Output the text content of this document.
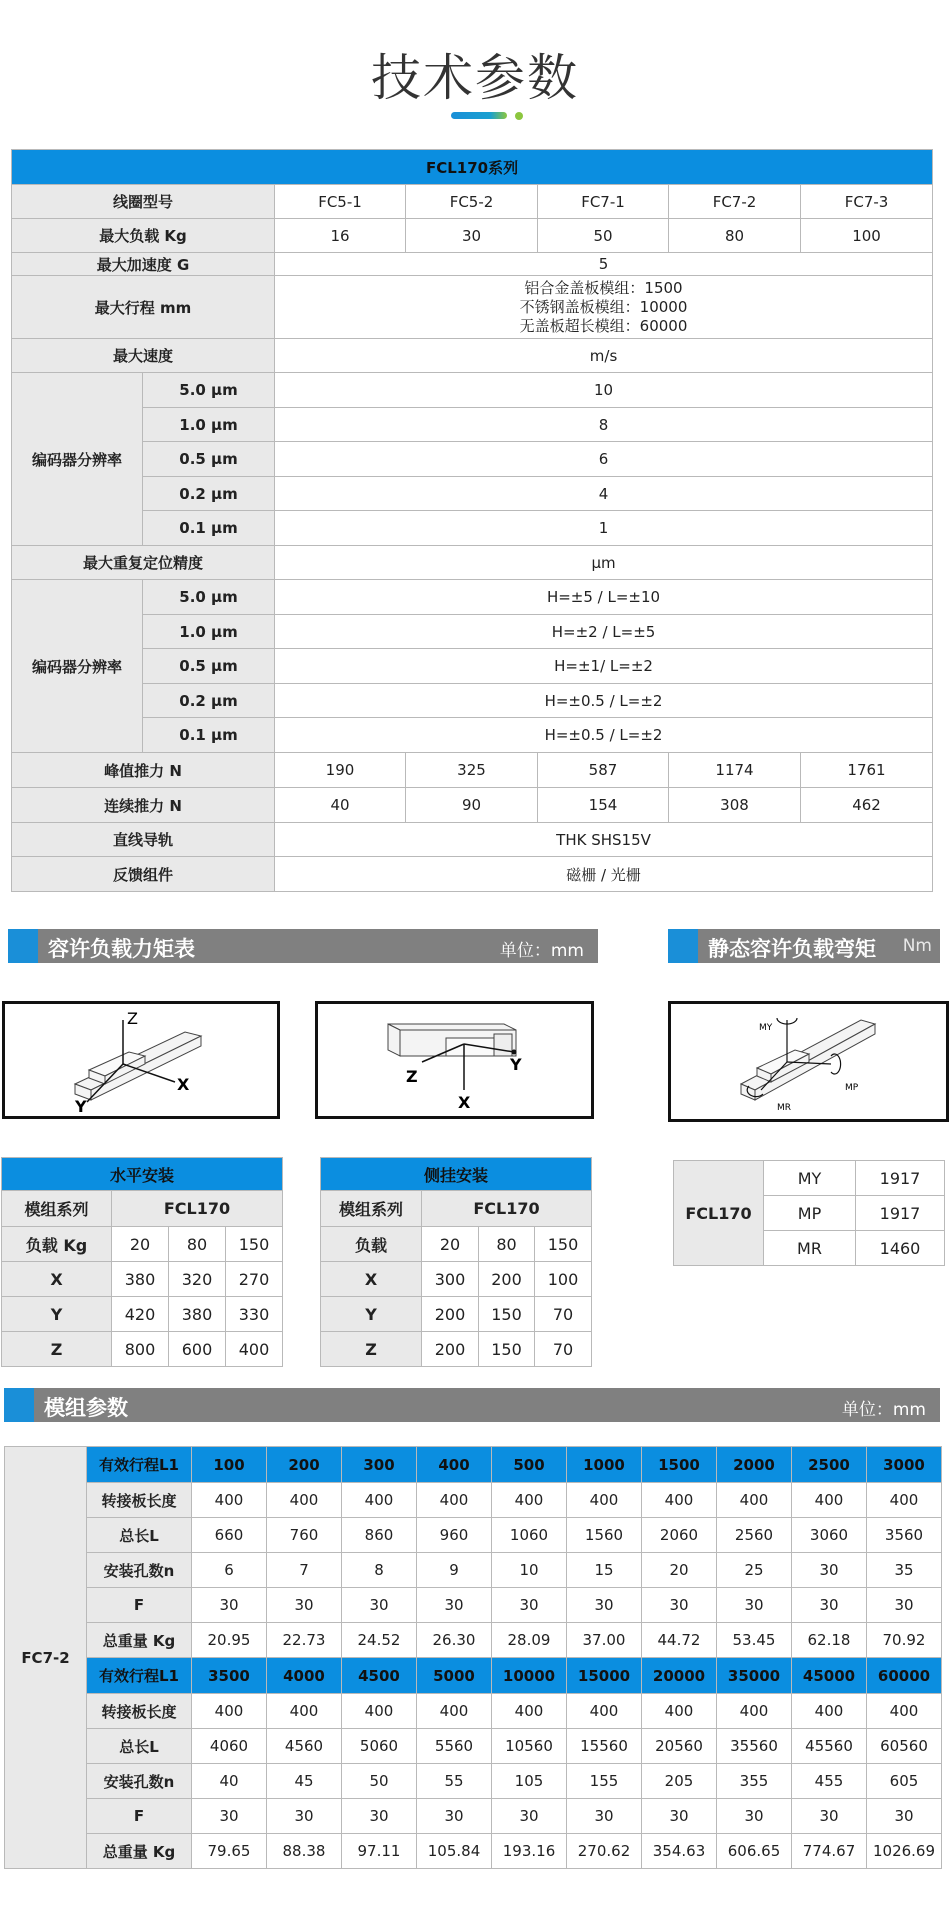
技术参数
FCL170系列						
线圈型号		FC5-1	FC5-2	FC7-1	FC7-2	FC7-3
最大负载 Kg		16	30	50	80	100
最大加速度 G		5				
最大行程 mm		铝合金盖板模组：1500
不锈钢盖板模组：10000
无盖板超长模组：60000				

最大速度		m/s				
编码器分辨率	5.0 μm	10				
	1.0 μm	8				
	0.5 μm	6				
	0.2 μm	4				
	0.1 μm	1				
最大重复定位精度		μm				
编码器分辨率	5.0 μm	H=±5 / L=±10				
	1.0 μm	H=±2 / L=±5				
	0.5 μm	H=±1/ L=±2				
	0.2 μm	H=±0.5 / L=±2				
	0.1 μm	H=±0.5 / L=±2				
峰值推力 N		190	325	587	1174	1761
连续推力 N		40	90	154	308	462
直线导轨		THK SHS15V				
反馈组件		磁栅 / 光栅				
容许负载力矩表	单位：mm	静态容许负载弯矩 Nm
Z
X
Y
Z
X
Y
MY
MP
MR
水平安装			
模组系列	FCL170		
负载 Kg	20	80	150
X	380	320	270
Y	420	380	330
Z	800	600	400
侧挂安装			
模组系列	FCL170		
负载	20	80	150
X	300	200	100
Y	200	150	70
Z	200	150	70
FCL170	MY	1917
	MP	1917
	MR	1460
模组参数	单位：mm
FC7-2	有效行程L1	100	200	300	400	500	1000	1500	2000	2500	3000
	转接板长度	400	400	400	400	400	400	400	400	400	400
	总长L	660	760	860	960	1060	1560	2060	2560	3060	3560
	安装孔数n	6	7	8	9	10	15	20	25	30	35
	F	30	30	30	30	30	30	30	30	30	30
	总重量 Kg	20.95	22.73	24.52	26.30	28.09	37.00	44.72	53.45	62.18	70.92
	有效行程L1	3500	4000	4500	5000	10000	15000	20000	35000	45000	60000
	转接板长度	400	400	400	400	400	400	400	400	400	400
	总长L	4060	4560	5060	5560	10560	15560	20560	35560	45560	60560
	安装孔数n	40	45	50	55	105	155	205	355	455	605
	F	30	30	30	30	30	30	30	30	30	30
	总重量 Kg	79.65	88.38	97.11	105.84	193.16	270.62	354.63	606.65	774.67	1026.69
